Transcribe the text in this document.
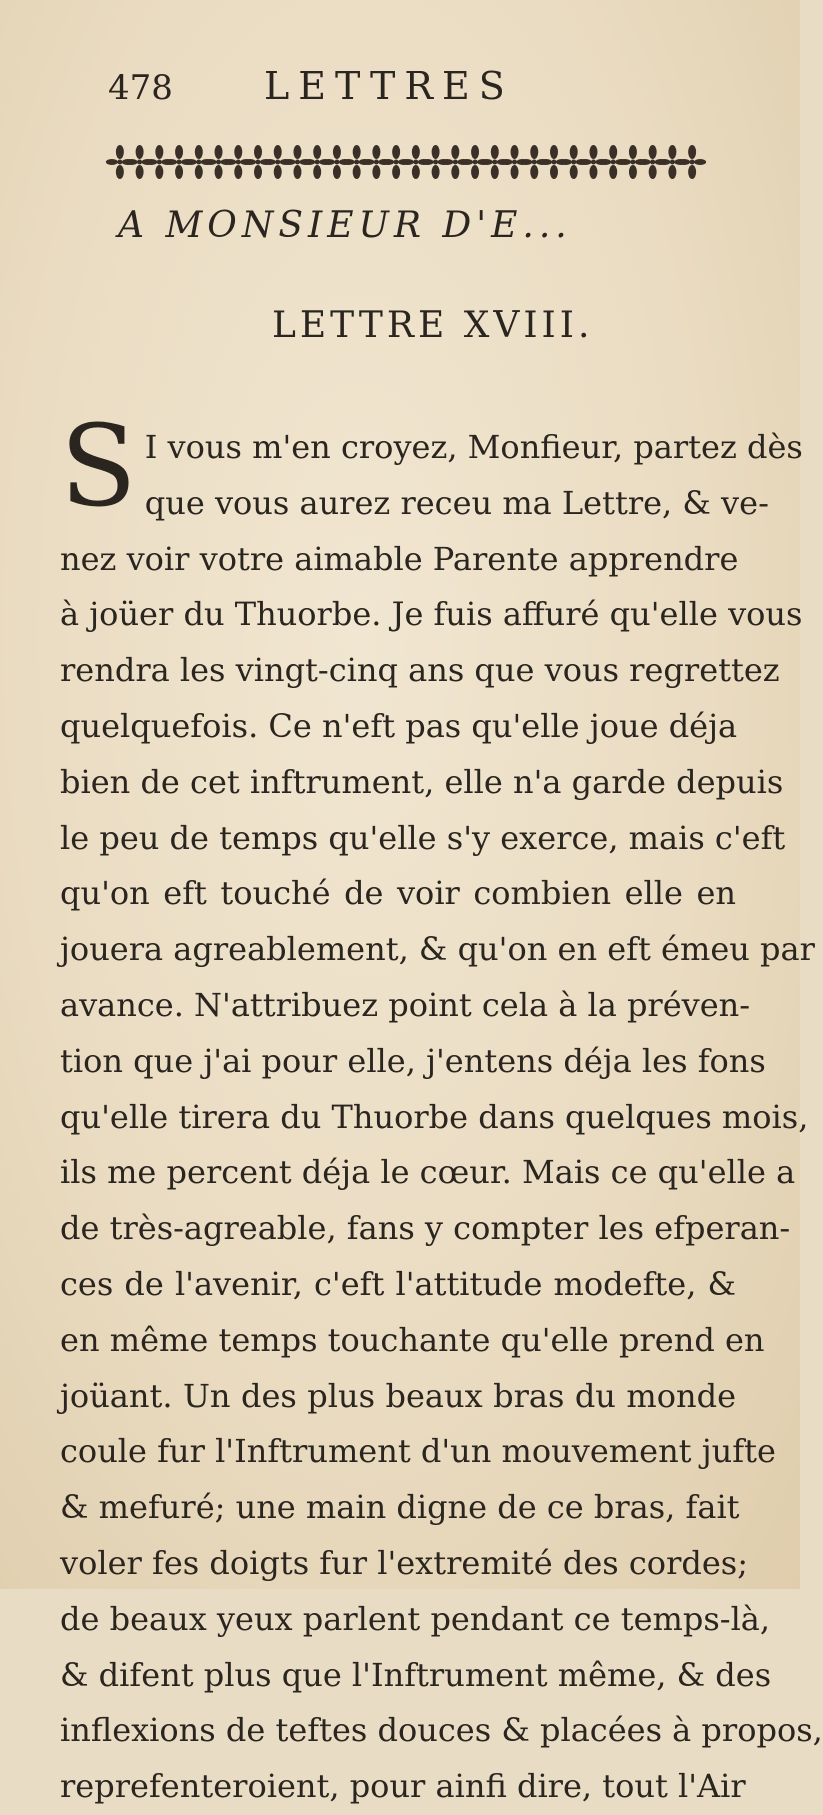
478 LETTRES
A MONSIEUR D'E...
LETTRE XVIII.
S I vous m'en croyez, Monfieur, partez dès
que vous aurez receu ma Lettre, & ve-
nez voir votre aimable Parente apprendre
à joüer du Thuorbe. Je fuis affuré qu'elle vous
rendra les vingt-cinq ans que vous regrettez
quelquefois. Ce n'eft pas qu'elle joue déja
bien de cet inftrument, elle n'a garde depuis
le peu de temps qu'elle s'y exerce, mais c'eft
qu'on eft touché de voir combien elle en
jouera agreablement, & qu'on en eft émeu par
avance. N'attribuez point cela à la préven-
tion que j'ai pour elle, j'entens déja les fons
qu'elle tirera du Thuorbe dans quelques mois,
ils me percent déja le cœur. Mais ce qu'elle a
de très-agreable, fans y compter les efperan-
ces de l'avenir, c'eft l'attitude modefte, &
en même temps touchante qu'elle prend en
joüant. Un des plus beaux bras du monde
coule fur l'Inftrument d'un mouvement jufte
& mefuré; une main digne de ce bras, fait
voler fes doigts fur l'extremité des cordes;
de beaux yeux parlent pendant ce temps-là,
& difent plus que l'Inftrument même, & des
inflexions de teftes douces & placées à propos,
reprefenteroient, pour ainfi dire, tout l'Air
